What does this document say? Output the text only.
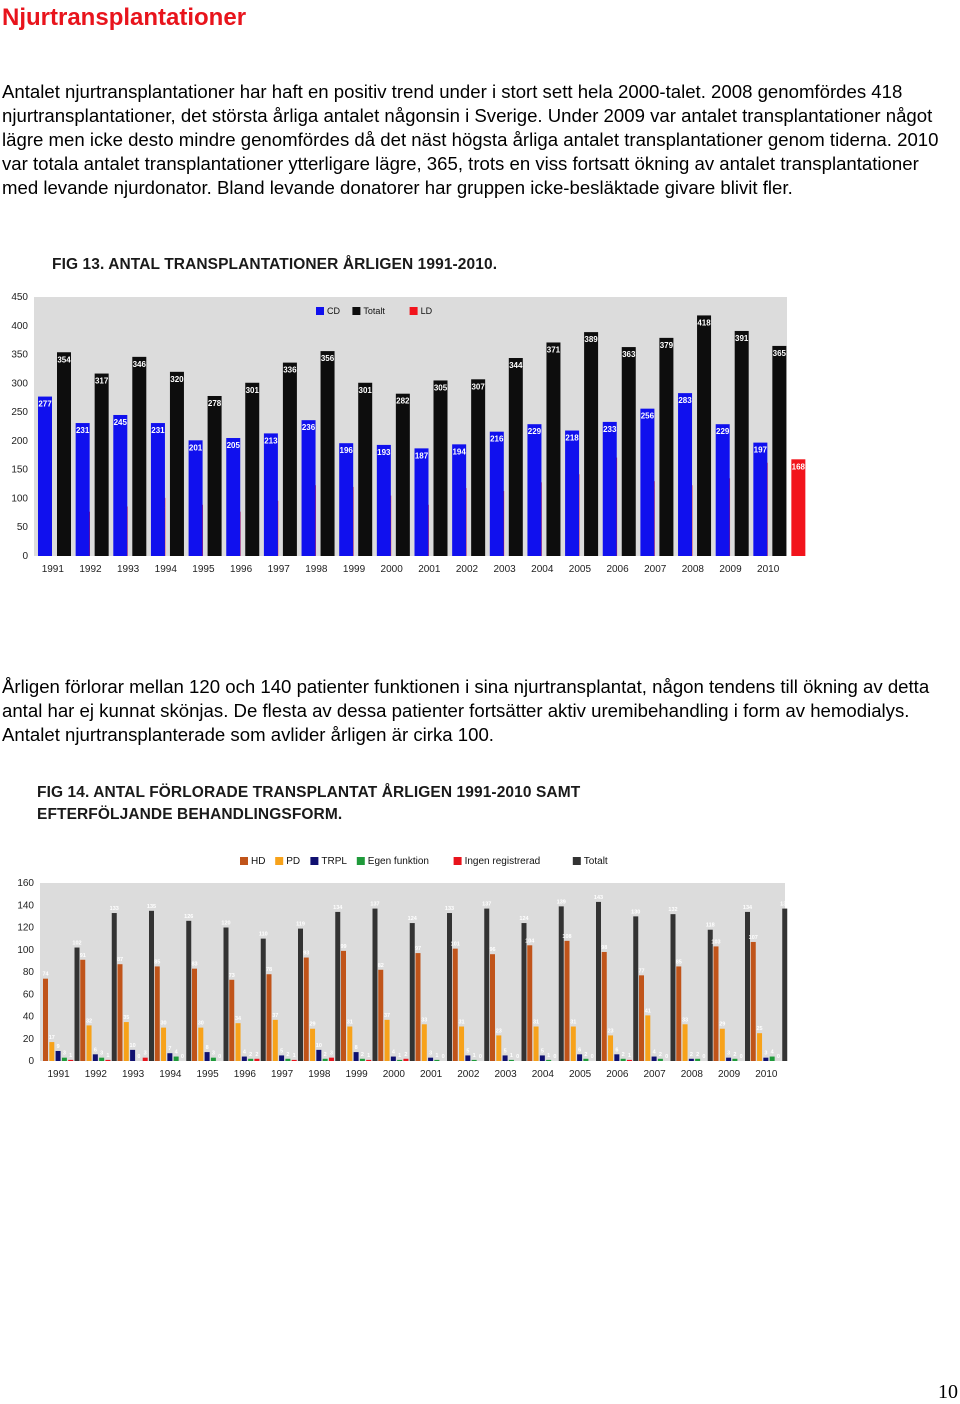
Njurtransplantationer

Antalet njurtransplantationer har haft en positiv trend under i stort sett hela 2000-talet. 2008 genomfördes 418 njurtransplantationer, det största årliga antalet någonsin i Sverige. Under 2009 var antalet transplantationer något lägre men icke desto mindre genomfördes då det näst högsta årliga antalet transplantationer genom tiderna. 2010 var totala antalet transplantationer ytterligare lägre, 365, trots en viss fortsatt ökning av antalet transplantationer med levande njurdonator. Bland levande donatorer har gruppen icke-besläktade givare blivit fler.

FIG 13. ANTAL TRANSPLANTATIONER ÅRLIGEN 1991-2010.
0
50
100
150
200
250
300
350
400
450
CD	Totalt	LD
277
354
1991
231
317
1992
245
346
1993
231
320
1994
201
278
1995
205
301
1996
213
336
1997
236
356
1998
196
301
1999
193
282
2000
187
305
2001
194
307
2002
216
344
2003
229
371
2004
218
389
2005
233
363
2006
256
379
2007
283
418
2008
229
391
2009
197
365
168
2010

Årligen förlorar mellan 120 och 140 patienter funktionen i sina njurtransplantat, någon tendens till ökning av detta antal har ej kunnat skönjas. De flesta av dessa patienter fortsätter aktiv uremibehandling i form av hemodialys. Antalet njurtransplanterade som avlider årligen är cirka 100.

FIG 14. ANTAL FÖRLORADE TRANSPLANTAT ÅRLIGEN 1991-2010 SAMT EFTERFÖLJANDE BEHANDLINGSFORM.
0
20
40
60
80
100
120
140
160
HD PD TRPL Egen funktion	Ingen registrerad	Totalt
74
17
9
3 1
102
1991
91
32
6
3 1
133
1992
87
35
10
0
3
135
1993
85
30
7
4
0
126
1994
83
30
8
3
0
120
1995
73
34
4 2 2
110
1996
78
37
5
2 1
119
1997
93
29
10
2 3
134
1998
99
31
8
2 1
137
1999
82
37
4
1 2
124
2000
97
33
3 1 0
133
2001
101
31
5
1 0
137
2002
96
23
5
1 0
124
2003
104
31
5
1 0
139
2004
108
31
6
2 0
143
2005
98
23
6
2 1
130
2006
77
41
4 2 0
132
2007
85
33
2 2 0
118
2008
103
29
3 2 0
134
2009
107
25
3 4
0
137
2010
10
